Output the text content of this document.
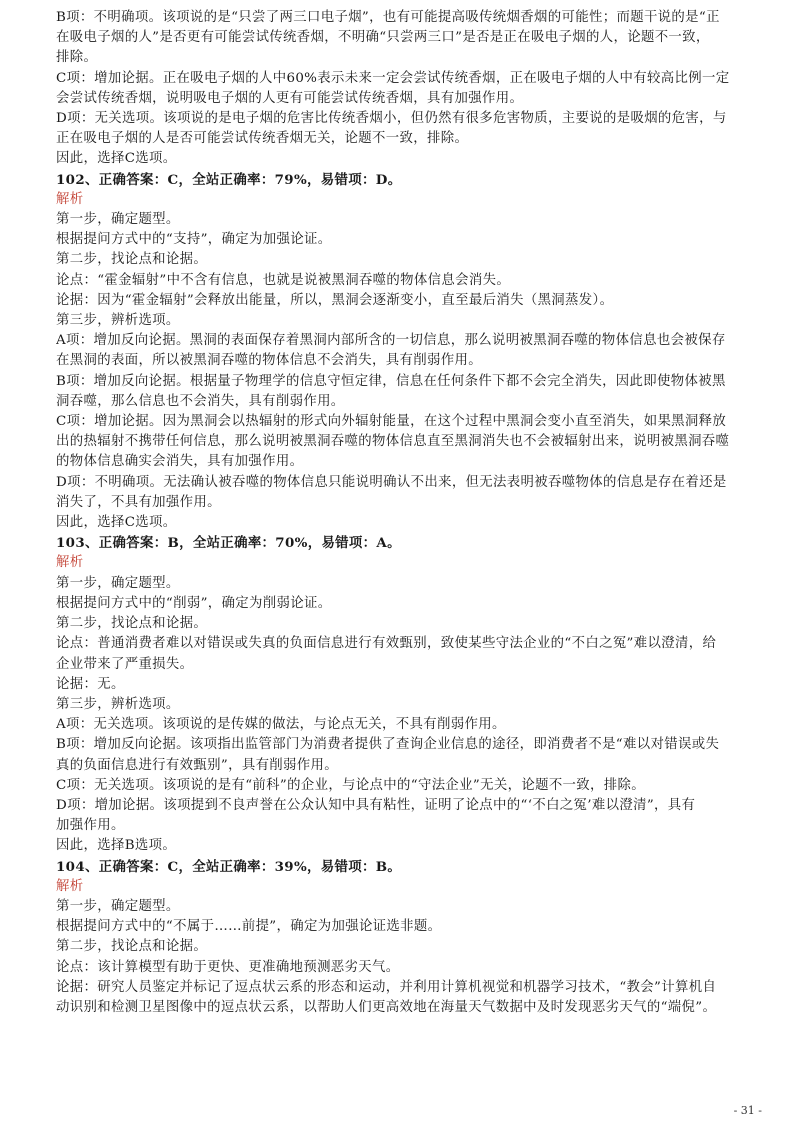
B项：不明确项。该项说的是“只尝了两三口电子烟”，也有可能提高吸传统烟香烟的可能性；而题干说的是“正
在吸电子烟的人”是否更有可能尝试传统香烟，不明确“只尝两三口”是否是正在吸电子烟的人，论题不一致，
排除。
C项：增加论据。正在吸电子烟的人中60%表示未来一定会尝试传统香烟，正在吸电子烟的人中有较高比例一定
会尝试传统香烟，说明吸电子烟的人更有可能尝试传统香烟，具有加强作用。
D项：无关选项。该项说的是电子烟的危害比传统香烟小，但仍然有很多危害物质，主要说的是吸烟的危害，与
正在吸电子烟的人是否可能尝试传统香烟无关，论题不一致，排除。
因此，选择C选项。
102、正确答案：C，全站正确率：79%，易错项：D。
解析
第一步，确定题型。
根据提问方式中的“支持”，确定为加强论证。
第二步，找论点和论据。
论点：“霍金辐射”中不含有信息，也就是说被黑洞吞噬的物体信息会消失。
论据：因为“霍金辐射”会释放出能量，所以，黑洞会逐渐变小，直至最后消失（黑洞蒸发）。
第三步，辨析选项。
A项：增加反向论据。黑洞的表面保存着黑洞内部所含的一切信息，那么说明被黑洞吞噬的物体信息也会被保存
在黑洞的表面，所以被黑洞吞噬的物体信息不会消失，具有削弱作用。
B项：增加反向论据。根据量子物理学的信息守恒定律，信息在任何条件下都不会完全消失，因此即使物体被黑
洞吞噬，那么信息也不会消失，具有削弱作用。
C项：增加论据。因为黑洞会以热辐射的形式向外辐射能量，在这个过程中黑洞会变小直至消失，如果黑洞释放
出的热辐射不携带任何信息，那么说明被黑洞吞噬的物体信息直至黑洞消失也不会被辐射出来，说明被黑洞吞噬
的物体信息确实会消失，具有加强作用。
D项：不明确项。无法确认被吞噬的物体信息只能说明确认不出来，但无法表明被吞噬物体的信息是存在着还是
消失了，不具有加强作用。
因此，选择C选项。
103、正确答案：B，全站正确率：70%，易错项：A。
解析
第一步，确定题型。
根据提问方式中的“削弱”，确定为削弱论证。
第二步，找论点和论据。
论点：普通消费者难以对错误或失真的负面信息进行有效甄别，致使某些守法企业的“不白之冤”难以澄清，给
企业带来了严重损失。
论据：无。
第三步，辨析选项。
A项：无关选项。该项说的是传媒的做法，与论点无关，不具有削弱作用。
B项：增加反向论据。该项指出监管部门为消费者提供了查询企业信息的途径，即消费者不是“难以对错误或失
真的负面信息进行有效甄别”，具有削弱作用。
C项：无关选项。该项说的是有“前科”的企业，与论点中的“守法企业”无关，论题不一致，排除。
D项：增加论据。该项提到不良声誉在公众认知中具有粘性，证明了论点中的“‘不白之冤’难以澄清”，具有
加强作用。
因此，选择B选项。
104、正确答案：C，全站正确率：39%，易错项：B。
解析
第一步，确定题型。
根据提问方式中的“不属于……前提”，确定为加强论证选非题。
第二步，找论点和论据。
论点：该计算模型有助于更快、更准确地预测恶劣天气。
论据：研究人员鉴定并标记了逗点状云系的形态和运动，并利用计算机视觉和机器学习技术，“教会”计算机自
动识别和检测卫星图像中的逗点状云系，以帮助人们更高效地在海量天气数据中及时发现恶劣天气的“端倪”。
- 31 -
